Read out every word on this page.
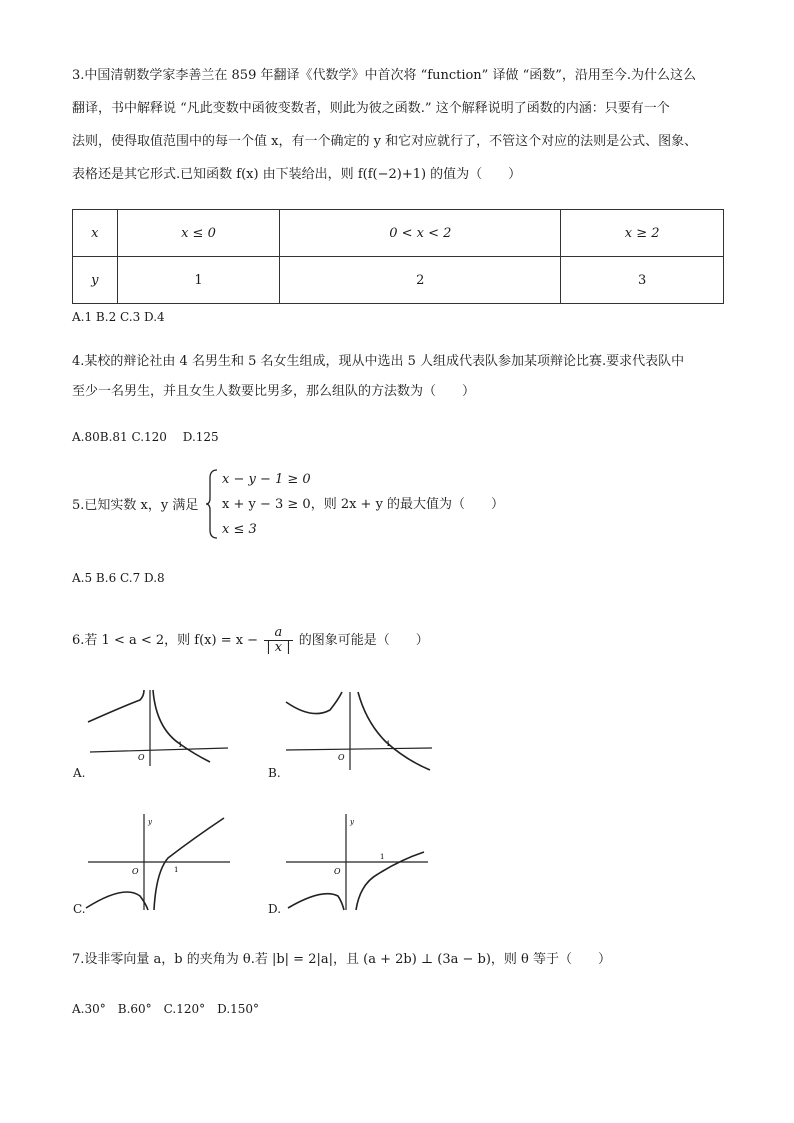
3.中国清朝数学家李善兰在 859 年翻译《代数学》中首次将 “function” 译做 “函数”，沿用至今.为什么这么
翻译，书中解释说 “凡此变数中函彼变数者，则此为彼之函数.” 这个解释说明了函数的内涵：只要有一个
法则，使得取值范围中的每一个值 x，有一个确定的 y 和它对应就行了，不管这个对应的法则是公式、图象、
表格还是其它形式.已知函数 f(x) 由下装给出，则 f(f(−2)+1) 的值为（　　）
x	x ≤ 0	0 < x < 2	x ≥ 2
y	1	2	3
A.1 B.2 C.3 D.4
4.某校的辩论社由 4 名男生和 5 名女生组成，现从中选出 5 人组成代表队参加某项辩论比赛.要求代表队中
至少一名男生，并且女生人数要比男多，那么组队的方法数为（　　）
A.80B.81 C.120　 D.125
5.已知实数 x，y 满足
x − y − 1 ≥ 0
x + y − 3 ≥ 0，则 2x + y 的最大值为（　　）
x ≤ 3
A.5 B.6 C.7 D.8
6.若 1 < a < 2，则 $f(x) = x - \frac{a}{| x |}$ 的图象可能是（　　）
O
1
A.
O
1
B.
y
O	1
C.
y
O
1
D.
7.设非零向量 a，b 的夹角为 θ.若 |b| = 2|a|，且 (a + 2b) ⊥ (3a − b)，则 θ 等于（　　）
A.30°　B.60°　C.120°　D.150°
